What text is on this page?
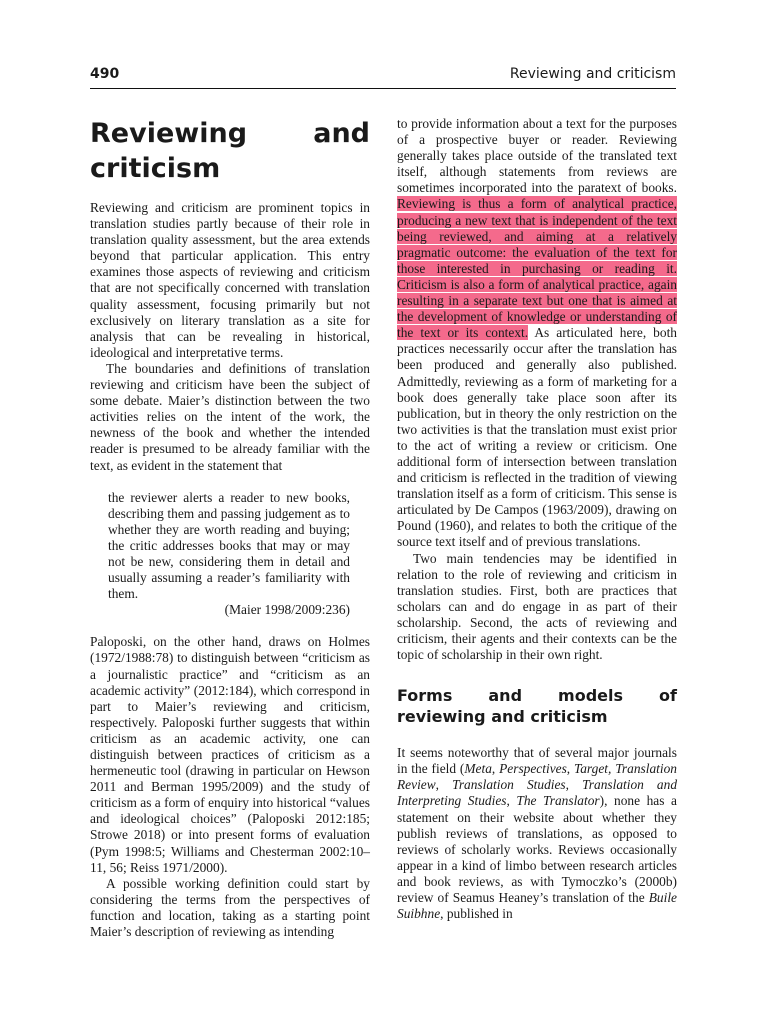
490	Reviewing and criticism
Reviewing and criticism

Reviewing and criticism are prominent topics in translation studies partly because of their role in translation quality assessment, but the area extends beyond that particular application. This entry examines those aspects of reviewing and criticism that are not specifically concerned with translation quality assessment, focusing primarily but not exclusively on literary translation as a site for analysis that can be revealing in historical, ideological and interpretative terms.

The boundaries and definitions of translation reviewing and criticism have been the subject of some debate. Maier’s distinction between the two activities relies on the intent of the work, the newness of the book and whether the intended reader is presumed to be already familiar with the text, as evident in the statement that

the reviewer alerts a reader to new books, describing them and passing judgement as to whether they are worth reading and buying; the critic addresses books that may or may not be new, considering them in detail and usually assuming a reader’s familiarity with them.

(Maier 1998/2009:236)

Paloposki, on the other hand, draws on Holmes (1972/1988:78) to distinguish between “criticism as a journalistic practice” and “criticism as an academic activity” (2012:184), which correspond in part to Maier’s reviewing and criticism, respectively. Paloposki further suggests that within criticism as an academic activity, one can distinguish between practices of criticism as a hermeneutic tool (drawing in particular on Hewson 2011 and Berman 1995/2009) and the study of criticism as a form of enquiry into historical “values and ideological choices” (Paloposki 2012:185; Strowe 2018) or into present forms of evaluation (Pym 1998:5; Williams and Chesterman 2002:10–11, 56; Reiss 1971/2000).

A possible working definition could start by considering the terms from the perspectives of function and location, taking as a starting point Maier’s description of reviewing as intending

to provide information about a text for the purposes of a prospective buyer or reader. Reviewing generally takes place outside of the translated text itself, although statements from reviews are sometimes incorporated into the paratext of books. Reviewing is thus a form of analytical practice, producing a new text that is independent of the text being reviewed, and aiming at a relatively pragmatic outcome: the evaluation of the text for those interested in purchasing or reading it. Criticism is also a form of analytical practice, again resulting in a separate text but one that is aimed at the development of knowledge or understanding of the text or its context. As articulated here, both practices necessarily occur after the translation has been produced and generally also published. Admittedly, reviewing as a form of marketing for a book does generally take place soon after its publication, but in theory the only restriction on the two activities is that the translation must exist prior to the act of writing a review or criticism. One additional form of intersection between translation and criticism is reflected in the tradition of viewing translation itself as a form of criticism. This sense is articulated by De Campos (1963/2009), drawing on Pound (1960), and relates to both the critique of the source text itself and of previous translations.

Two main tendencies may be identified in relation to the role of reviewing and criticism in translation studies. First, both are practices that scholars can and do engage in as part of their scholarship. Second, the acts of reviewing and criticism, their agents and their contexts can be the topic of scholarship in their own right.

Forms and models of reviewing and criticism

It seems noteworthy that of several major journals in the field (Meta, Perspectives, Target, Translation Review, Translation Studies, Translation and Interpreting Studies, The Translator), none has a statement on their website about whether they publish reviews of translations, as opposed to reviews of scholarly works. Reviews occasionally appear in a kind of limbo between research articles and book reviews, as with Tymoczko’s (2000b) review of Seamus Heaney’s translation of the Buile Suibhne, published in
